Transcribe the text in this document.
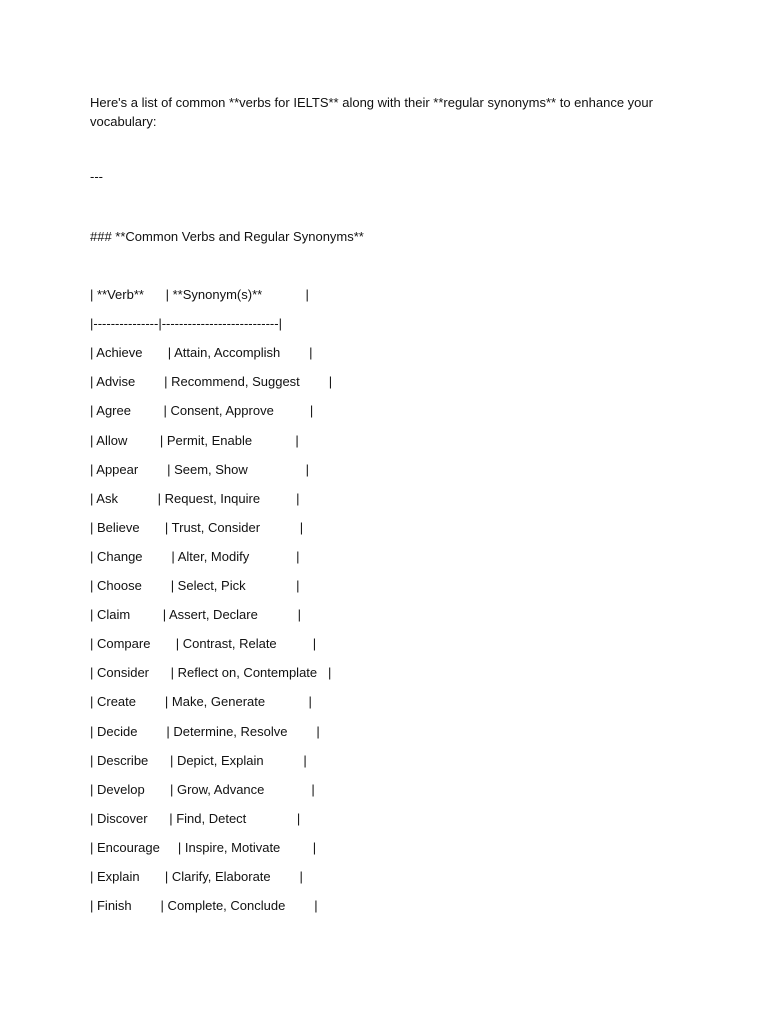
Here's a list of common **verbs for IELTS** along with their **regular synonyms** to enhance your vocabulary:

---

### **Common Verbs and Regular Synonyms**

| **Verb**      | **Synonym(s)**            |

|---------------|---------------------------|

| Achieve       | Attain, Accomplish        |

| Advise        | Recommend, Suggest        |

| Agree         | Consent, Approve          |

| Allow         | Permit, Enable            |

| Appear        | Seem, Show                |

| Ask           | Request, Inquire          |

| Believe       | Trust, Consider           |

| Change        | Alter, Modify             |

| Choose        | Select, Pick              |

| Claim         | Assert, Declare           |

| Compare       | Contrast, Relate          |

| Consider      | Reflect on, Contemplate   |

| Create        | Make, Generate            |

| Decide        | Determine, Resolve        |

| Describe      | Depict, Explain           |

| Develop       | Grow, Advance             |

| Discover      | Find, Detect              |

| Encourage     | Inspire, Motivate         |

| Explain       | Clarify, Elaborate        |

| Finish        | Complete, Conclude        |
